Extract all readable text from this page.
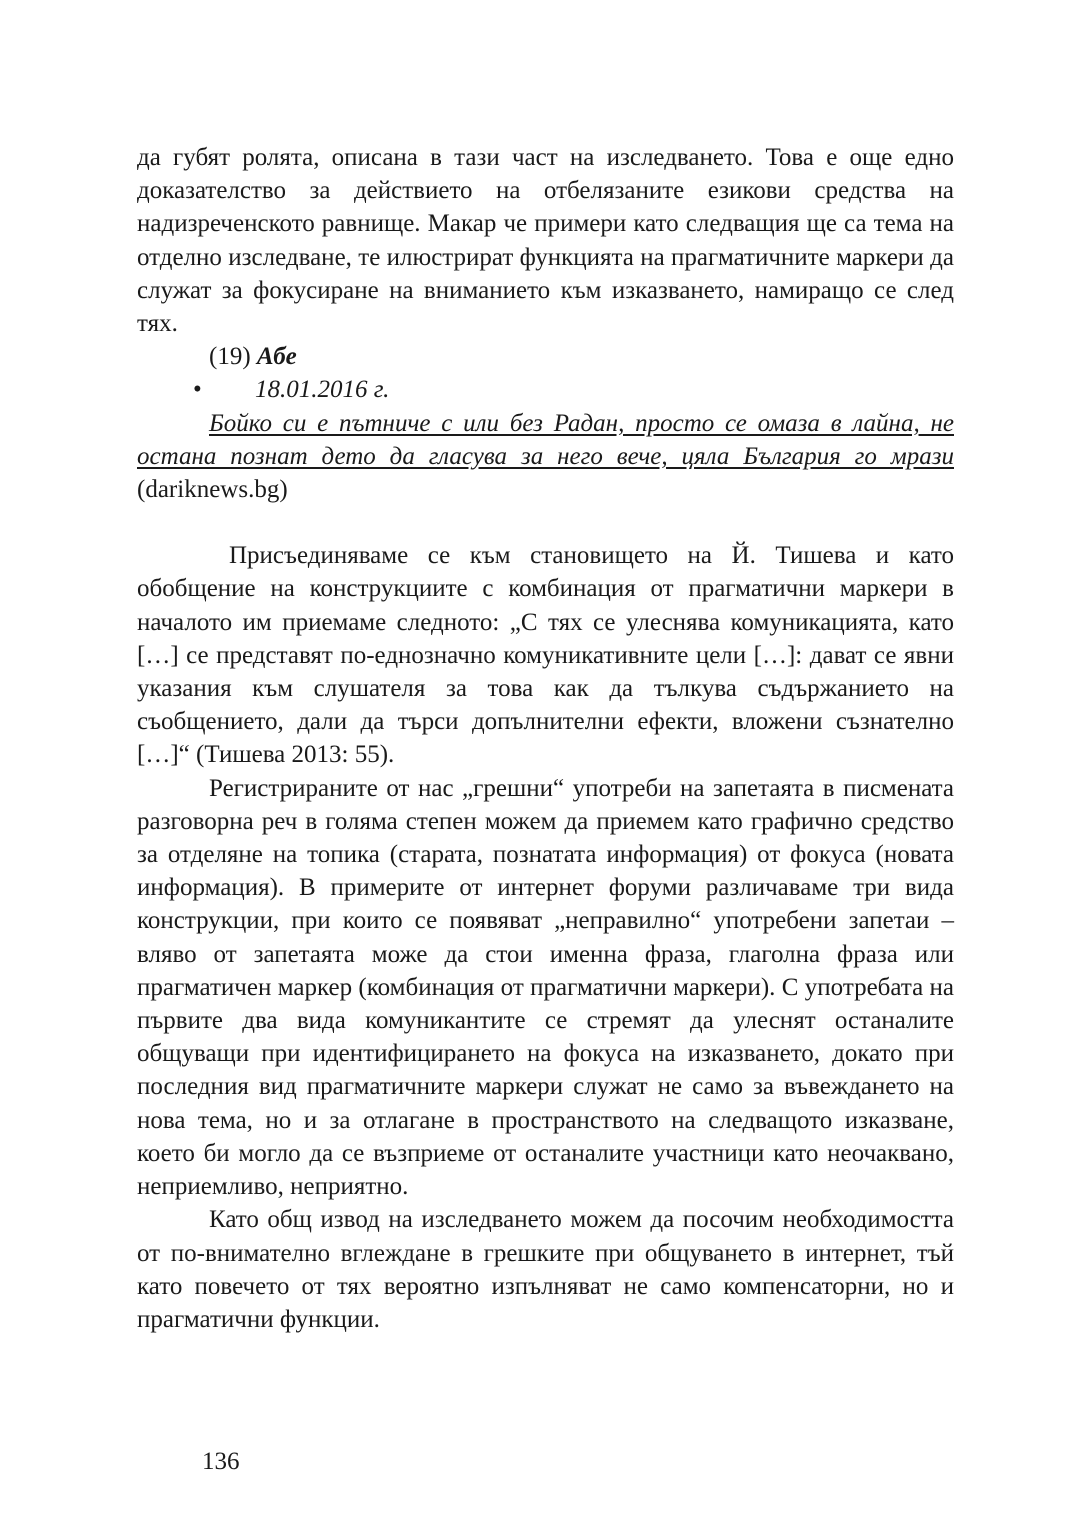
да губят ролята, описана в тази част на изследването. Това е още едно доказателство за действието на отбелязаните езикови средства на надизреченското равнище. Макар че примери като следващия ще са тема на отделно изследване, те илюстрират функцията на прагматичните маркери да служат за фокусиране на вниманието към изказването, намиращо се след тях.

(19) Абе

• 18.01.2016 г.

Бойко си е пътниче с или без Радан, просто се омаза в лайна, не остана познат дето да гласува за него вече, цяла България го мрази (dariknews.bg)

Присъединяваме се към становището на Й. Тишева и като обобщение на конструкциите с комбинация от прагматични маркери в началото им приемаме следното: „С тях се улеснява комуникацията, като […] се представят по-еднозначно комуникативните цели […]: дават се явни указания към слушателя за това как да тълкува съдържанието на съобщението, дали да търси допълнителни ефекти, вложени съзнателно […]“ (Тишева 2013: 55).

Регистрираните от нас „грешни“ употреби на запетаята в писмената разговорна реч в голяма степен можем да приемем като графично средство за отделяне на топика (старата, познатата информация) от фокуса (новата информация). В примерите от интернет форуми различаваме три вида конструкции, при които се появяват „неправилно“ употребени запетаи – вляво от запетаята може да стои именна фраза, глаголна фраза или прагматичен маркер (комбинация от прагматични маркери). С употребата на първите два вида комуникантите се стремят да улеснят останалите общуващи при идентифицирането на фокуса на изказването, докато при последния вид прагматичните маркери служат не само за въвеждането на нова тема, но и за отлагане в пространството на следващото изказване, което би могло да се възприеме от останалите участници като неочаквано, неприемливо, неприятно.

Като общ извод на изследването можем да посочим необходимостта от по-внимателно вглеждане в грешките при общуването в интернет, тъй като повечето от тях вероятно изпълняват не само компенсаторни, но и прагматични функции.

136
